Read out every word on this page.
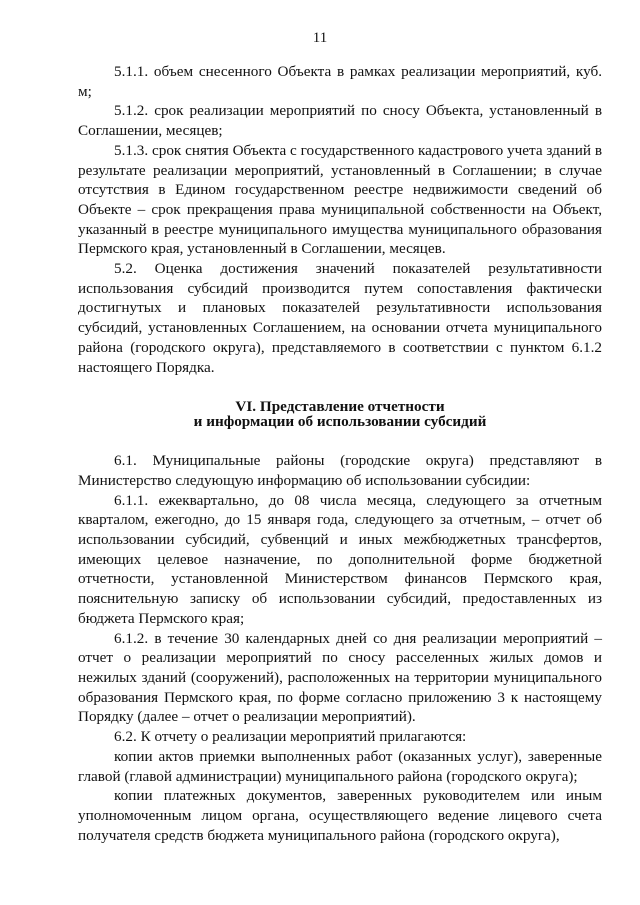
11

5.1.1. объем снесенного Объекта в рамках реализации мероприятий, куб. м;

5.1.2. срок реализации мероприятий по сносу Объекта, установленный в Соглашении, месяцев;

5.1.3. срок снятия Объекта с государственного кадастрового учета зданий в результате реализации мероприятий, установленный в Соглашении; в случае отсутствия в Едином государственном реестре недвижимости сведений об Объекте – срок прекращения права муниципальной собственности на Объект, указанный в реестре муниципального имущества муниципального образования Пермского края, установленный в Соглашении, месяцев.

5.2. Оценка достижения значений показателей результативности использования субсидий производится путем сопоставления фактически достигнутых и плановых показателей результативности использования субсидий, установленных Соглашением, на основании отчета муниципального района (городского округа), представляемого в соответствии с пунктом 6.1.2 настоящего Порядка.

VI. Представление отчетности
и информации об использовании субсидий

6.1. Муниципальные районы (городские округа) представляют в Министерство следующую информацию об использовании субсидии:

6.1.1. ежеквартально, до 08 числа месяца, следующего за отчетным кварталом, ежегодно, до 15 января года, следующего за отчетным, – отчет об использовании субсидий, субвенций и иных межбюджетных трансфертов, имеющих целевое назначение, по дополнительной форме бюджетной отчетности, установленной Министерством финансов Пермского края, пояснительную записку об использовании субсидий, предоставленных из бюджета Пермского края;

6.1.2. в течение 30 календарных дней со дня реализации мероприятий – отчет о реализации мероприятий по сносу расселенных жилых домов и нежилых зданий (сооружений), расположенных на территории муниципального образования Пермского края, по форме согласно приложению 3 к настоящему Порядку (далее – отчет о реализации мероприятий).

6.2. К отчету о реализации мероприятий прилагаются:

копии актов приемки выполненных работ (оказанных услуг), заверенные главой (главой администрации) муниципального района (городского округа);

копии платежных документов, заверенных руководителем или иным уполномоченным лицом органа, осуществляющего ведение лицевого счета получателя средств бюджета муниципального района (городского округа),
